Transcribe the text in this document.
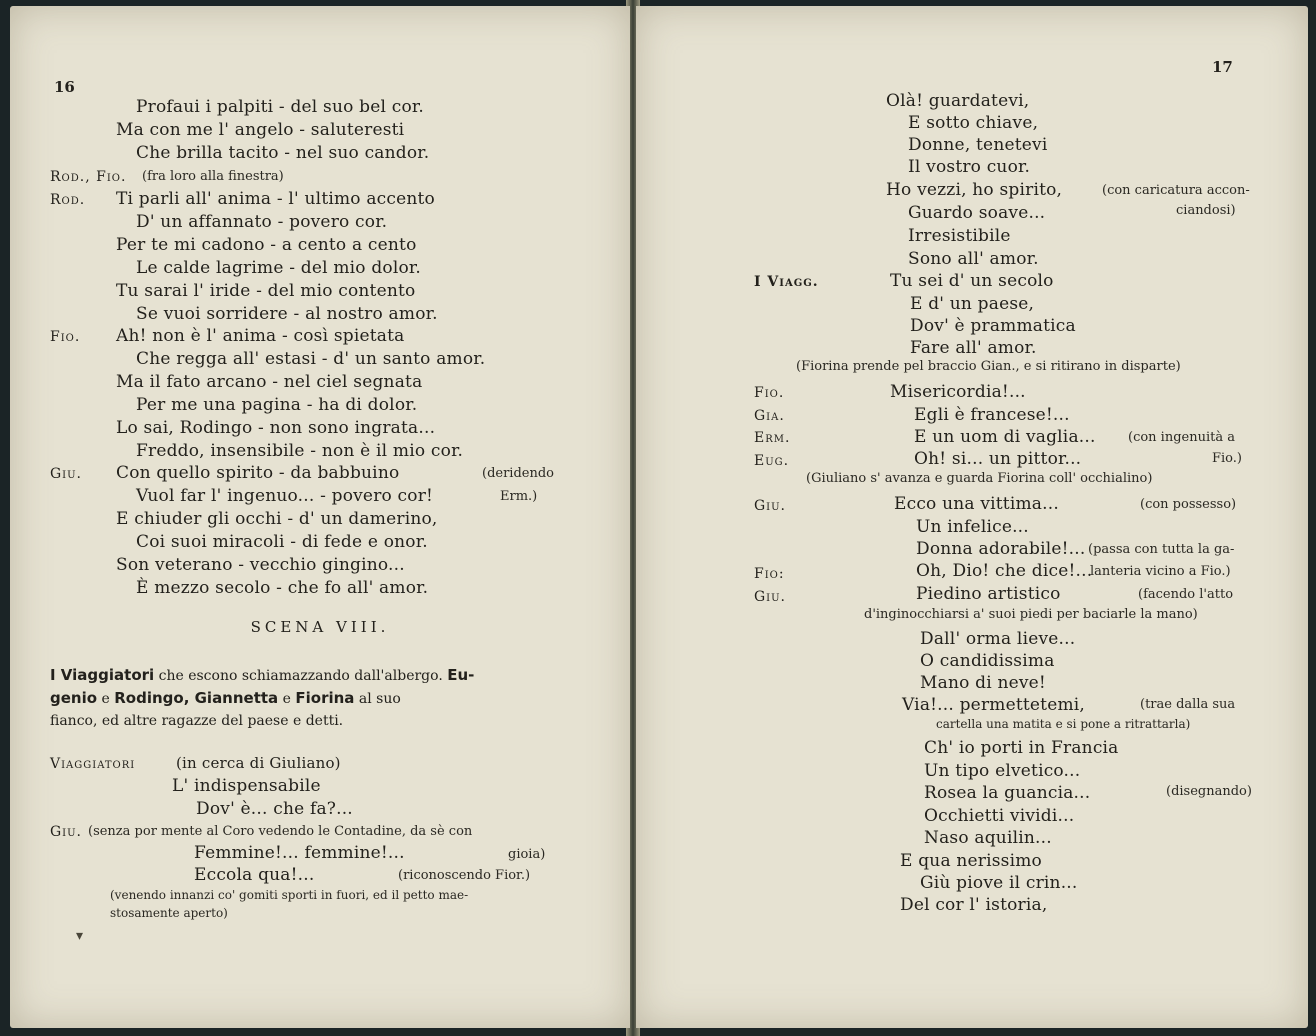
16
Profaui i palpiti - del suo bel cor.
Ma con me l' angelo - saluteresti
Che brilla tacito - nel suo candor.
Rod., Fio. (fra loro alla finestra)
Rod. Ti parli all' anima - l' ultimo accento
D' un affannato - povero cor.
Per te mi cadono - a cento a cento
Le calde lagrime - del mio dolor.
Tu sarai l' iride - del mio contento
Se vuoi sorridere - al nostro amor.
Fio. Ah! non è l' anima - così spietata
Che regga all' estasi - d' un santo amor.
Ma il fato arcano - nel ciel segnata
Per me una pagina - ha di dolor.
Lo sai, Rodingo - non sono ingrata...
Freddo, insensibile - non è il mio cor.
Giu. Con quello spirito - da babbuino	(deridendo
Vuol far l' ingenuo... - povero cor!	Erm.)
E chiuder gli occhi - d' un damerino,
Coi suoi miracoli - di fede e onor.
Son veterano - vecchio gingino...
È mezzo secolo - che fo all' amor.
SCENA VIII.
I Viaggiatori che escono schiamazzando dall'albergo. Eu-
genio e Rodingo, Giannetta e Fiorina al suo
fianco, ed altre ragazze del paese e detti.
Viaggiatori	(in cerca di Giuliano)
L' indispensabile
Dov' è... che fa?...
Giu. (senza por mente al Coro vedendo le Contadine, da sè con
Femmine!... femmine!...	gioia)
Eccola qua!...	(riconoscendo Fior.)
(venendo innanzi co' gomiti sporti in fuori, ed il petto mae-
stosamente aperto)
▾
17
Olà! guardatevi,
E sotto chiave,
Donne, tenetevi
Il vostro cuor.
Ho vezzi, ho spirito,	(con caricatura accon-
Guardo soave...	ciandosi)
Irresistibile
Sono all' amor.
I Viagg.	Tu sei d' un secolo
E d' un paese,
Dov' è prammatica
Fare all' amor.
(Fiorina prende pel braccio Gian., e si ritirano in disparte)
Fio.	Misericordia!...
Gia.	Egli è francese!...
Erm.	E un uom di vaglia... (con ingenuità a
Eug.	Oh! si... un pittor...	Fio.)
(Giuliano s' avanza e guarda Fiorina coll' occhialino)
Giu.	Ecco una vittima...	(con possesso)
Un infelice...
Donna adorabile!... (passa con tutta la ga-
Fio:	Oh, Dio! che dice!...
lanteria vicino a Fio.)
Giu.	Piedino artistico	(facendo l'atto
d'inginocchiarsi a' suoi piedi per baciarle la mano)
Dall' orma lieve...
O candidissima
Mano di neve!
Via!... permettetemi,	(trae dalla sua
cartella una matita e si pone a ritrattarla)
Ch' io porti in Francia
Un tipo elvetico...
Rosea la guancia...	(disegnando)
Occhietti vividi...
Naso aquilin...
E qua nerissimo
Giù piove il crin...
Del cor l' istoria,
